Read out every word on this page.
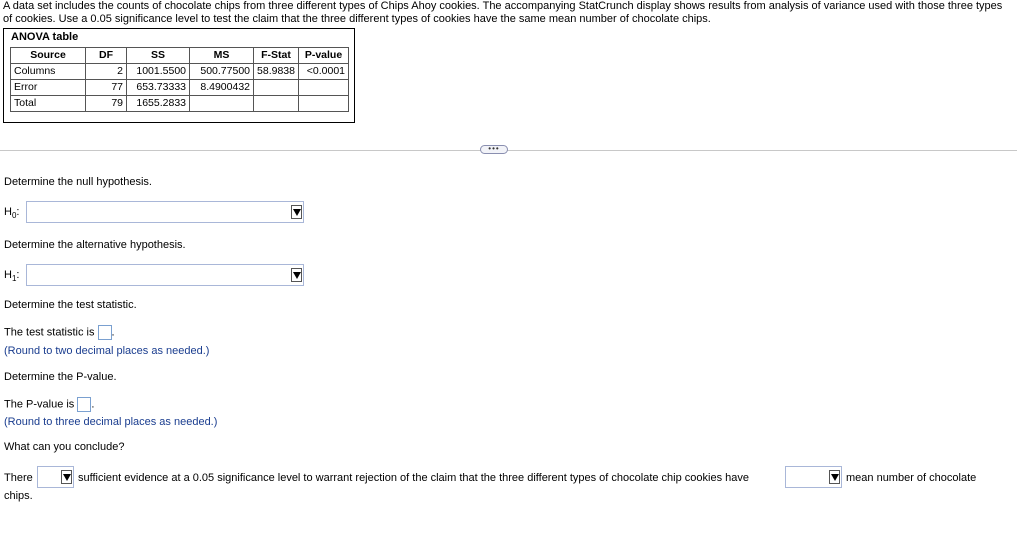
A data set includes the counts of chocolate chips from three different types of Chips Ahoy cookies. The accompanying StatCrunch display shows results from analysis of variance used with those three types of cookies. Use a 0.05 significance level to test the claim that the three different types of cookies have the same mean number of chocolate chips.
ANOVA table
Source	DF	SS	MS	F-Stat	P-value
Columns	2	1001.5500	500.77500	58.9838	<0.0001
Error	77	653.73333	8.4900432		
Total	79	1655.2833			
•••
Determine the null hypothesis.
$H_0$:
Determine the alternative hypothesis.
$H_1$:
Determine the test statistic.
The test statistic is .
(Round to two decimal places as needed.)
Determine the P-value.
The P-value is .
(Round to three decimal places as needed.)
What can you conclude?
There	sufficient evidence at a 0.05 significance level to warrant rejection of the claim that the three different types of chocolate chip cookies have	mean number of chocolate
chips.
